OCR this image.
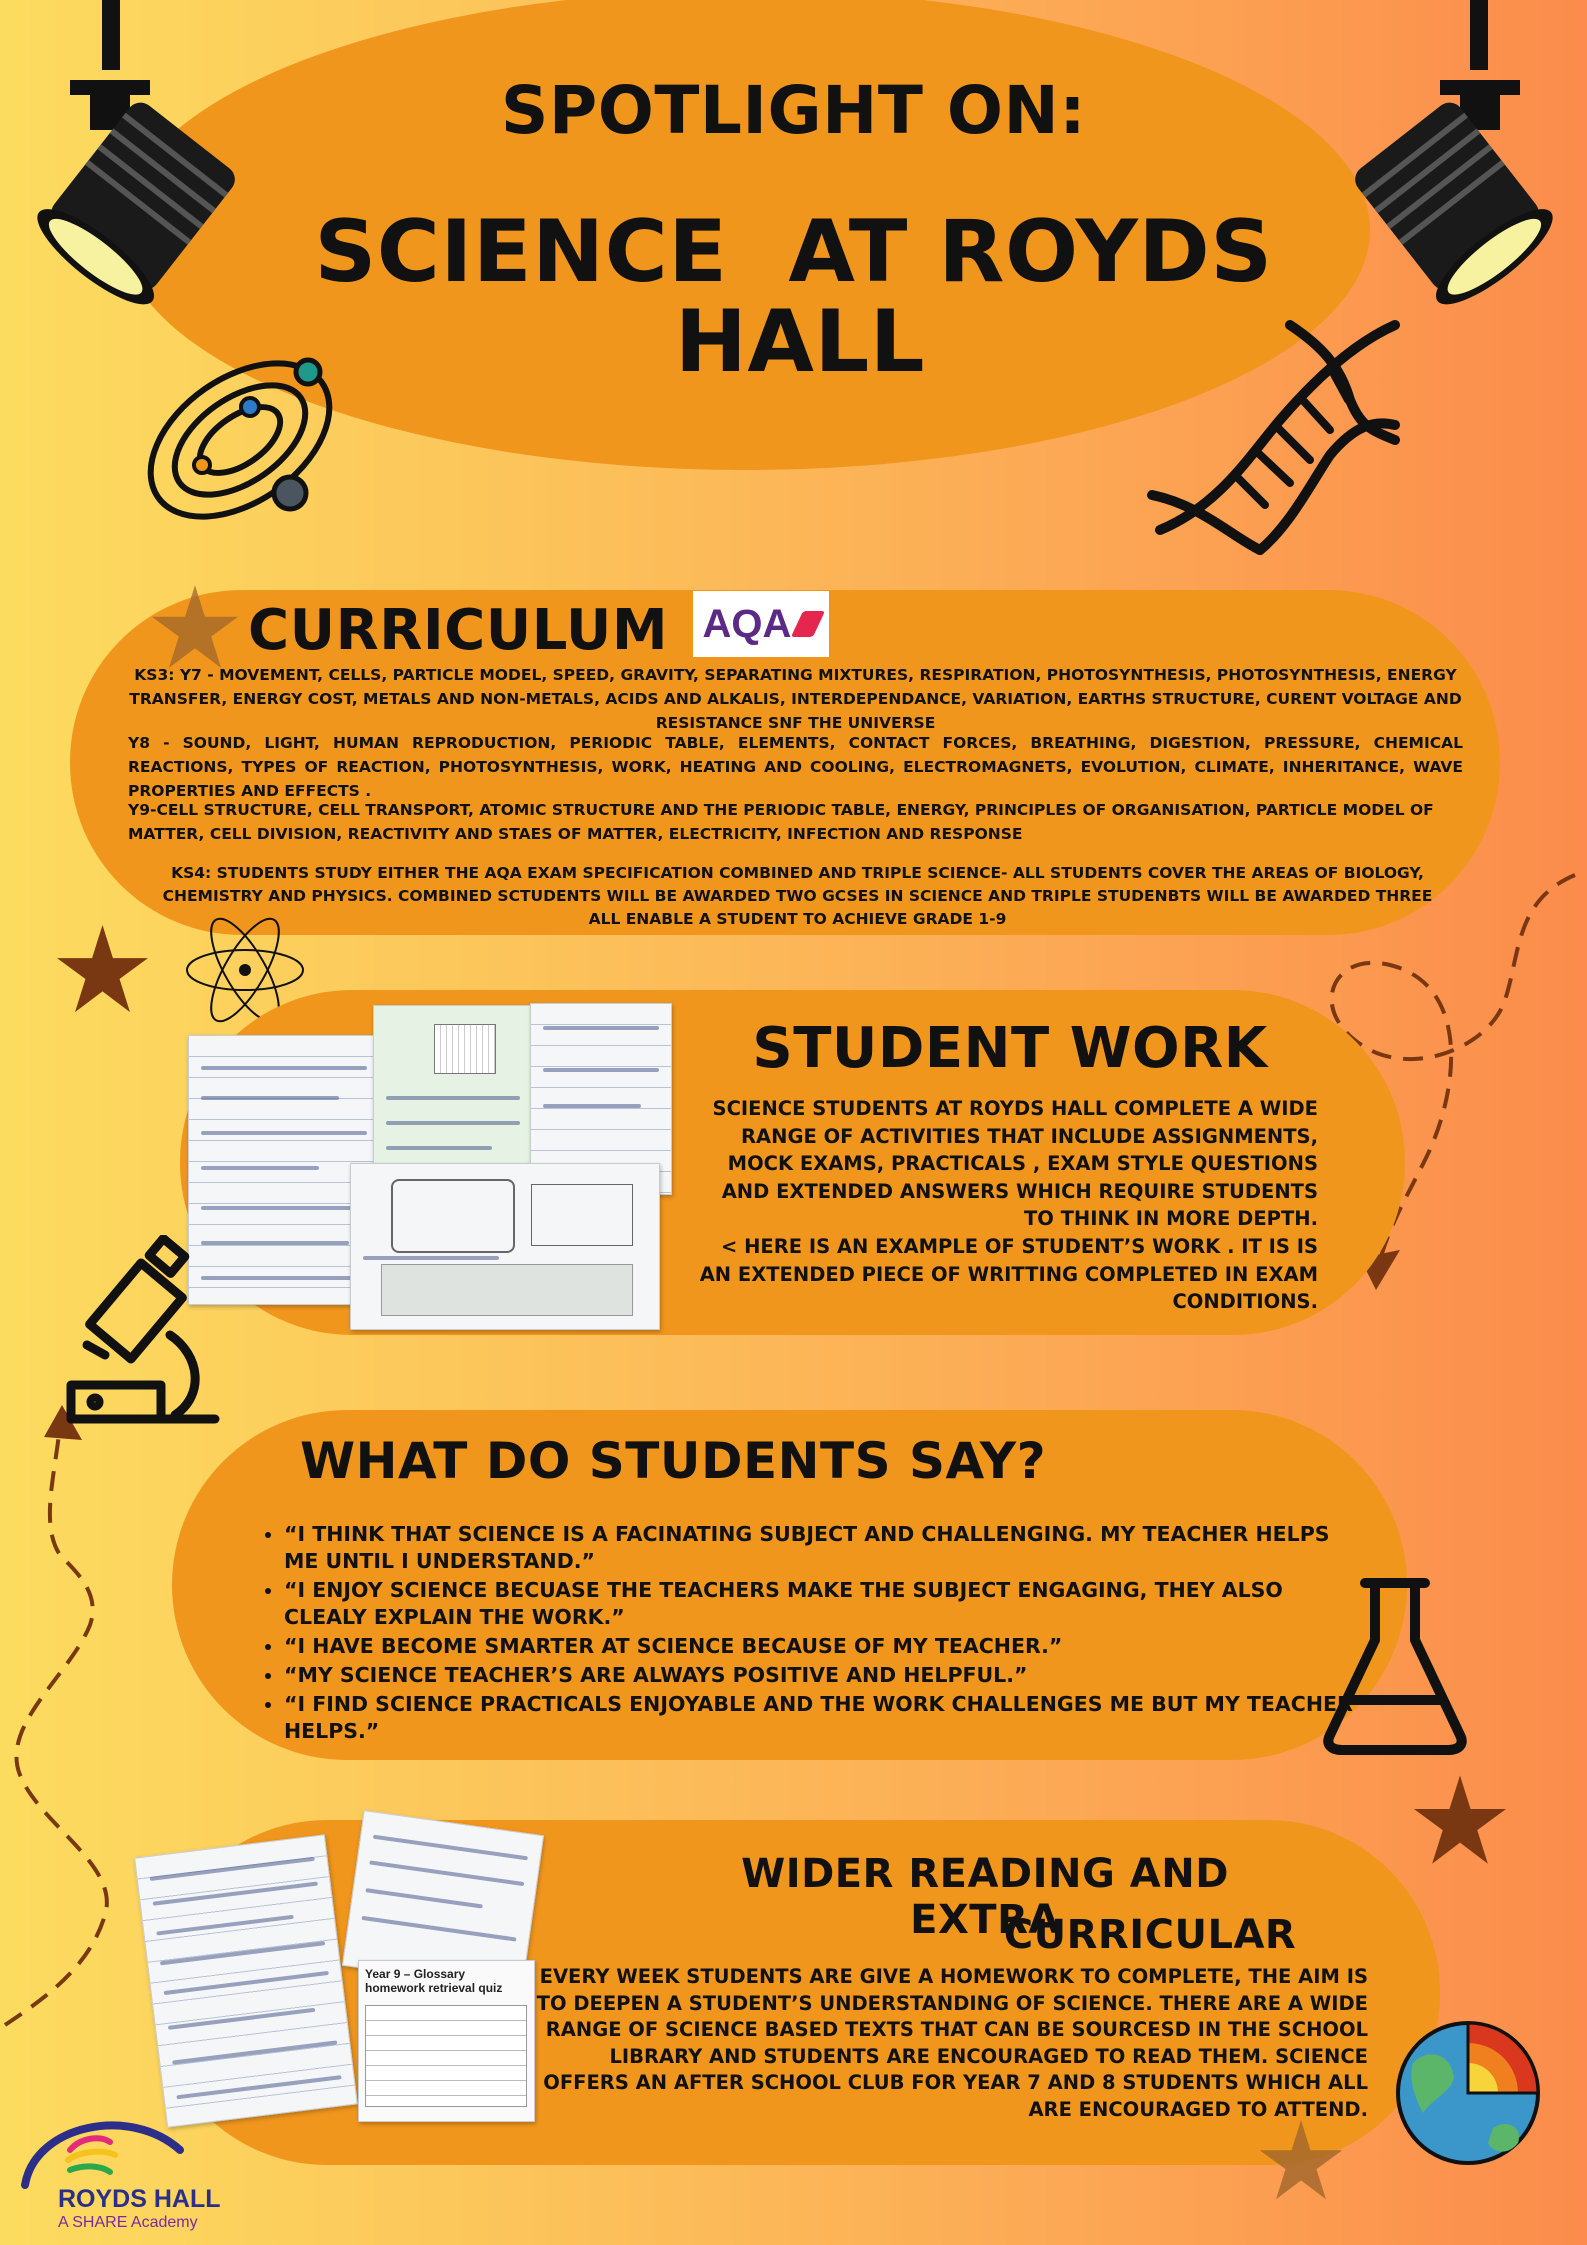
SPOTLIGHT ON:
SCIENCE  AT ROYDS
HALL
CURRICULUM AQA
KS3: Y7 - MOVEMENT, CELLS, PARTICLE MODEL, SPEED, GRAVITY, SEPARATING MIXTURES, RESPIRATION, PHOTOSYNTHESIS, PHOTOSYNTHESIS, ENERGY TRANSFER, ENERGY COST, METALS AND NON-METALS, ACIDS AND ALKALIS, INTERDEPENDANCE, VARIATION, EARTHS STRUCTURE, CURENT VOLTAGE AND RESISTANCE SNF THE UNIVERSE
Y8 - SOUND, LIGHT, HUMAN REPRODUCTION, PERIODIC TABLE, ELEMENTS, CONTACT FORCES, BREATHING, DIGESTION, PRESSURE, CHEMICAL REACTIONS, TYPES OF REACTION, PHOTOSYNTHESIS, WORK, HEATING AND COOLING, ELECTROMAGNETS, EVOLUTION, CLIMATE, INHERITANCE, WAVE PROPERTIES AND EFFECTS .
Y9-CELL STRUCTURE, CELL TRANSPORT, ATOMIC STRUCTURE AND THE PERIODIC TABLE, ENERGY, PRINCIPLES OF ORGANISATION, PARTICLE MODEL OF MATTER, CELL DIVISION, REACTIVITY AND STAES OF MATTER, ELECTRICITY, INFECTION AND RESPONSE
KS4: STUDENTS STUDY EITHER THE AQA EXAM SPECIFICATION COMBINED AND TRIPLE SCIENCE- ALL STUDENTS COVER THE AREAS OF BIOLOGY, CHEMISTRY AND PHYSICS. COMBINED SCTUDENTS WILL BE AWARDED TWO GCSES IN SCIENCE AND TRIPLE STUDENBTS WILL BE AWARDED THREE ALL ENABLE A STUDENT TO ACHIEVE GRADE 1-9
STUDENT WORK
SCIENCE STUDENTS AT ROYDS HALL COMPLETE A WIDE RANGE OF ACTIVITIES THAT INCLUDE ASSIGNMENTS, MOCK EXAMS, PRACTICALS , EXAM STYLE QUESTIONS AND EXTENDED ANSWERS WHICH REQUIRE STUDENTS TO THINK IN MORE DEPTH.
< HERE IS AN EXAMPLE OF STUDENT’S WORK . IT IS IS AN EXTENDED PIECE OF WRITTING COMPLETED IN EXAM CONDITIONS.
WHAT DO STUDENTS SAY?
• “I THINK THAT SCIENCE IS A FACINATING SUBJECT AND CHALLENGING. MY TEACHER HELPS ME UNTIL I UNDERSTAND.”
• “I ENJOY SCIENCE BECUASE THE TEACHERS MAKE THE SUBJECT ENGAGING, THEY ALSO CLEALY EXPLAIN THE WORK.”
• “I HAVE BECOME SMARTER AT SCIENCE BECAUSE OF MY TEACHER.”
• “MY SCIENCE TEACHER’S ARE ALWAYS POSITIVE AND HELPFUL.”
• “I FIND SCIENCE PRACTICALS ENJOYABLE AND THE WORK CHALLENGES ME BUT MY TEACHER HELPS.”
Year 9 – Glossary homework retrieval quiz
WIDER READING AND EXTRA
CURRICULAR
EVERY WEEK STUDENTS ARE GIVE A HOMEWORK TO COMPLETE, THE AIM IS TO DEEPEN A STUDENT’S UNDERSTANDING OF SCIENCE. THERE ARE A WIDE RANGE OF SCIENCE BASED TEXTS THAT CAN BE SOURCESD IN THE SCHOOL LIBRARY AND STUDENTS ARE ENCOURAGED TO READ THEM. SCIENCE OFFERS AN AFTER SCHOOL CLUB FOR YEAR 7 AND 8 STUDENTS WHICH ALL ARE ENCOURAGED TO ATTEND.
ROYDS HALL
A SHARE Academy
